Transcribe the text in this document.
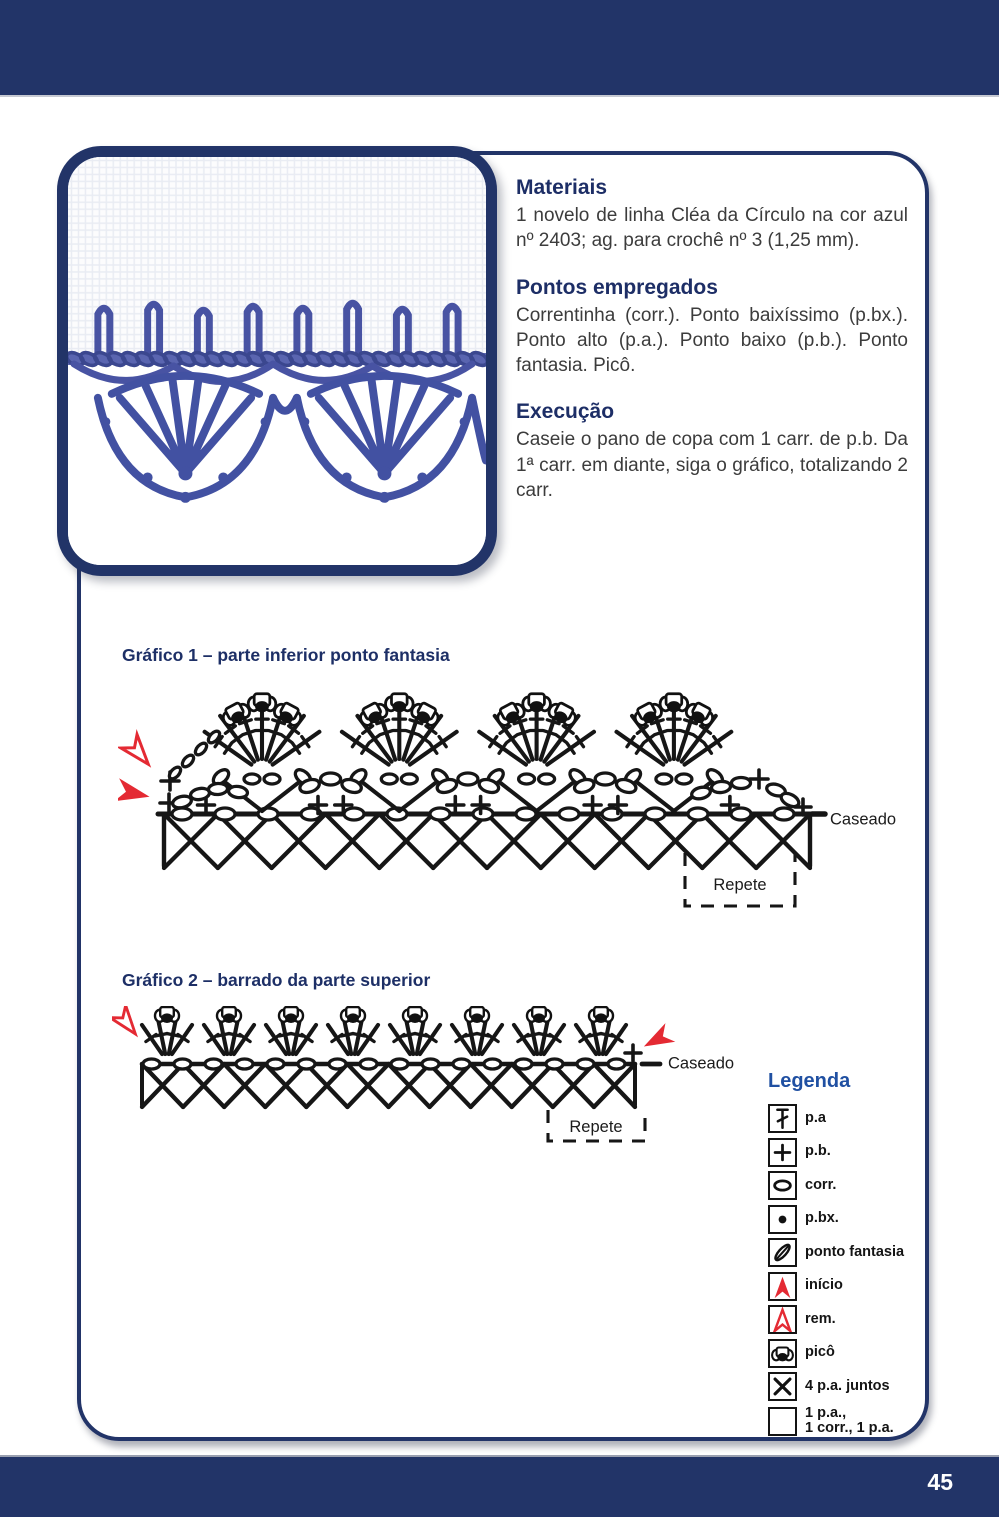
45
Materiais

1 novelo de linha Cléa da Círculo na cor azul nº 2403; ag. para crochê nº 3 (1,25 mm).

Pontos empregados

Correntinha (corr.). Ponto baixíssimo (p.bx.). Ponto alto (p.a.). Ponto baixo (p.b.). Ponto fantasia. Picô.

Execução

Caseie o pano de copa com 1 carr. de p.b. Da 1ª carr. em diante, siga o gráfico, totalizando 2 carr.

Gráfico 1 – parte inferior ponto fantasia
Caseado
Repete
Gráfico 2 – barrado da parte superior
Caseado
Repete
Legenda
p.a
p.b.
corr.
p.bx.
ponto fantasia
início
rem.
picô
4 p.a. juntos
1 p.a.,
1 corr., 1 p.a.
